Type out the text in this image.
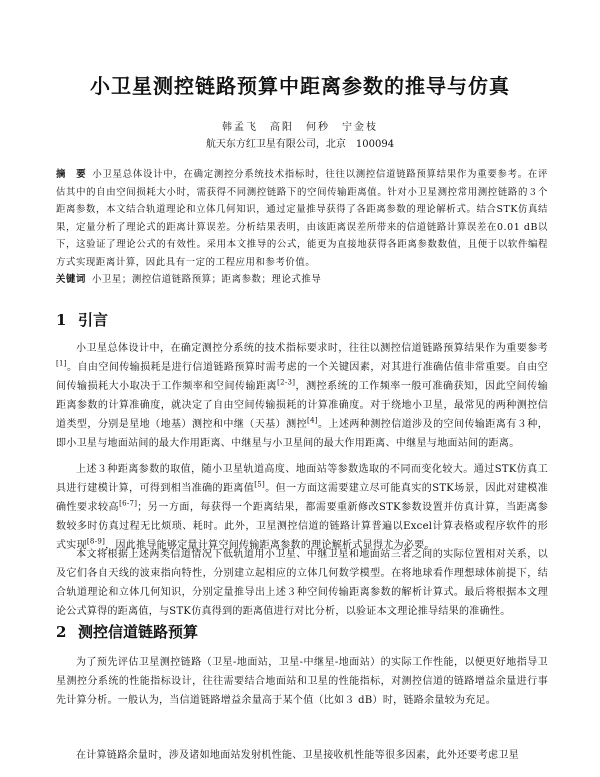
小卫星测控链路预算中距离参数的推导与仿真
韩孟飞　高阳　何秒　宁金枝
航天东方红卫星有限公司，北京　100094
摘　要 小卫星总体设计中，在确定测控分系统技术指标时，往往以测控信道链路预算结果作为重要参考。在评估其中的自由空间损耗大小时，需获得不同测控链路下的空间传输距离值。针对小卫星测控常用测控链路的３个距离参数，本文结合轨道理论和立体几何知识，通过定量推导获得了各距离参数的理论解析式。结合STK仿真结果，定量分析了理论式的距离计算误差。分析结果表明，由该距离误差所带来的信道链路计算误差在0.01 dB以下，这验证了理论公式的有效性。采用本文推导的公式，能更为直接地获得各距离参数数值，且便于以软件编程方式实现距离计算，因此具有一定的工程应用和参考价值。
关键词 小卫星；测控信道链路预算；距离参数；理论式推导
1 引言
小卫星总体设计中，在确定测控分系统的技术指标要求时，往往以测控信道链路预算结果作为重要参考[1]。自由空间传输损耗是进行信道链路预算时需考虑的一个关键因素，对其进行准确估值非常重要。自由空间传输损耗大小取决于工作频率和空间传输距离[2-3]，测控系统的工作频率一般可准确获知，因此空间传输距离参数的计算准确度，就决定了自由空间传输损耗的计算准确度。对于绕地小卫星，最常见的两种测控信道类型，分别是星地（地基）测控和中继（天基）测控[4]。上述两种测控信道涉及的空间传输距离有３种，即小卫星与地面站间的最大作用距离、中继星与小卫星间的最大作用距离、中继星与地面站间的距离。
上述３种距离参数的取值，随小卫星轨道高度、地面站等参数选取的不同而变化较大。通过STK仿真工具进行建模计算，可得到相当准确的距离值[5]。但一方面这需要建立尽可能真实的STK场景，因此对建模准确性要求较高[6-7]；另一方面，每获得一个距离结果，都需要重新修改STK参数设置并仿真计算，当距离参数较多时仿真过程无比烦琐、耗时。此外，卫星测控信道的链路计算普遍以Excel计算表格或程序软件的形式实现[8-9]，因此推导能够定量计算空间传输距离参数的理论解析式显得尤为必要。
本文将根据上述两类信道情况下低轨道用小卫星、中继卫星和地面站三者之间的实际位置相对关系，以及它们各自天线的波束指向特性，分别建立起相应的立体几何数学模型。在将地球看作理想球体前提下，结合轨道理论和立体几何知识，分别定量推导出上述３种空间传输距离参数的解析计算式。最后将根据本文理论公式算得的距离值，与STK仿真得到的距离值进行对比分析，以验证本文理论推导结果的准确性。
2 测控信道链路预算
为了预先评估卫星测控链路（卫星-地面站，卫星-中继星-地面站）的实际工作性能，以便更好地指导卫星测控分系统的性能指标设计，往往需要结合地面站和卫星的性能指标，对测控信道的链路增益余量进行事先计算分析。一般认为，当信道链路增益余量高于某个值（比如３ dB）时，链路余量较为充足。
在计算链路余量时，涉及诸如地面站发射机性能、卫星接收机性能等很多因素，此外还要考虑卫星
